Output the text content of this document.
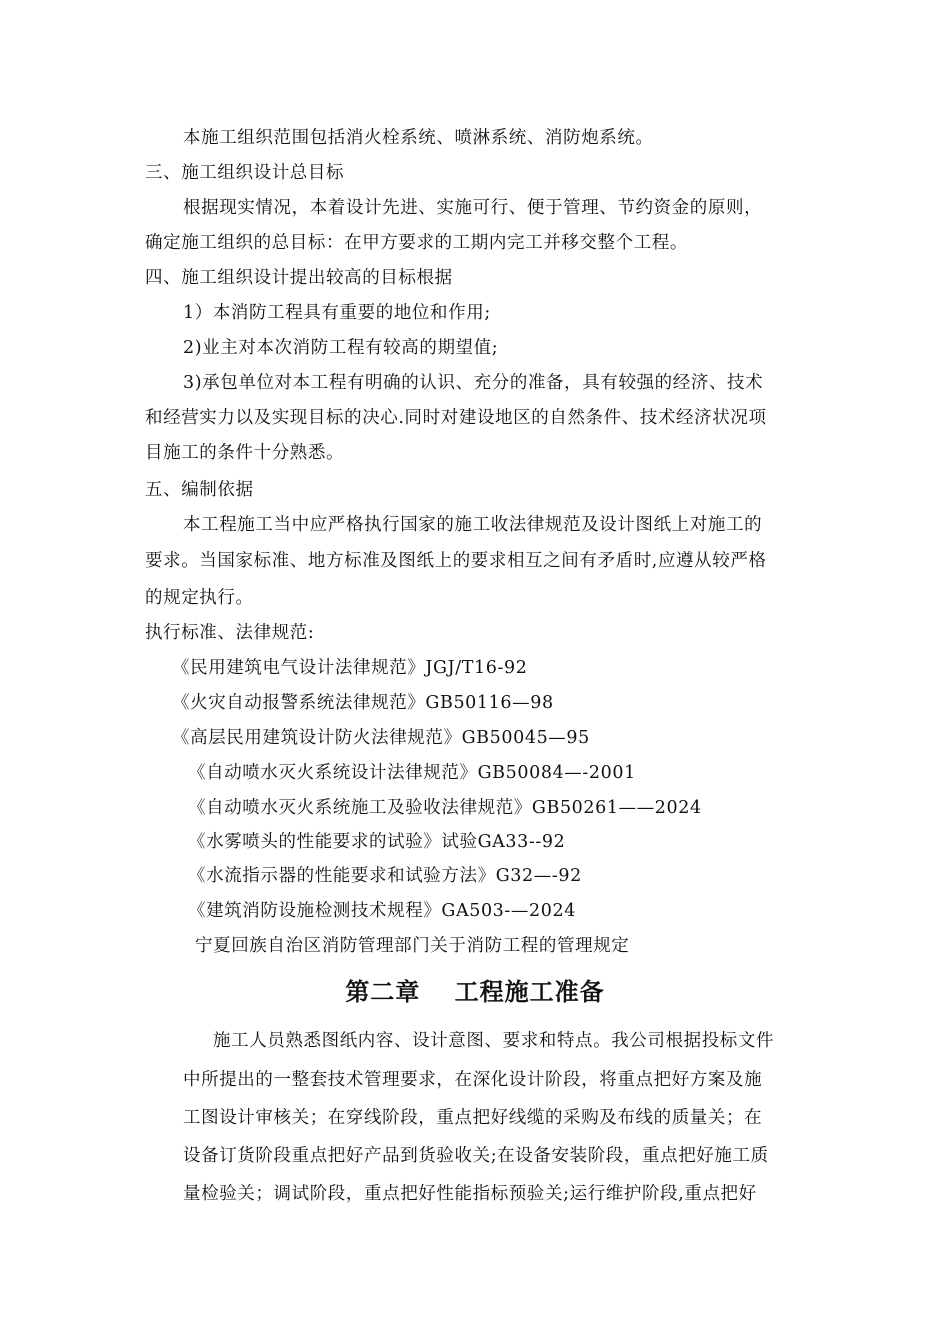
本施工组织范围包括消火栓系统、喷淋系统、消防炮系统。
三、施工组织设计总目标
根据现实情况，本着设计先进、实施可行、便于管理、节约资金的原则，
确定施工组织的总目标：在甲方要求的工期内完工并移交整个工程。
四、施工组织设计提出较高的目标根据
1）本消防工程具有重要的地位和作用;
2)业主对本次消防工程有较高的期望值;
3)承包单位对本工程有明确的认识、充分的准备，具有较强的经济、技术
和经营实力以及实现目标的决心.同时对建设地区的自然条件、技术经济状况项
目施工的条件十分熟悉。
五、编制依据
本工程施工当中应严格执行国家的施工收法律规范及设计图纸上对施工的
要求。当国家标准、地方标准及图纸上的要求相互之间有矛盾时,应遵从较严格
的规定执行。
执行标准、法律规范:
《民用建筑电气设计法律规范》JGJ/T16-92
《火灾自动报警系统法律规范》GB50116—98
《高层民用建筑设计防火法律规范》GB50045—95
《自动喷水灭火系统设计法律规范》GB50084—-2001
《自动喷水灭火系统施工及验收法律规范》GB50261——2024
《水雾喷头的性能要求的试验》试验GA33--92
《水流指示器的性能要求和试验方法》G32—-92
《建筑消防设施检测技术规程》GA503-—2024
宁夏回族自治区消防管理部门关于消防工程的管理规定
第二章　 工程施工准备
施工人员熟悉图纸内容、设计意图、要求和特点。我公司根据投标文件
中所提出的一整套技术管理要求，在深化设计阶段，将重点把好方案及施
工图设计审核关；在穿线阶段，重点把好线缆的采购及布线的质量关；在
设备订货阶段重点把好产品到货验收关;在设备安装阶段，重点把好施工质
量检验关；调试阶段，重点把好性能指标预验关;运行维护阶段,重点把好
